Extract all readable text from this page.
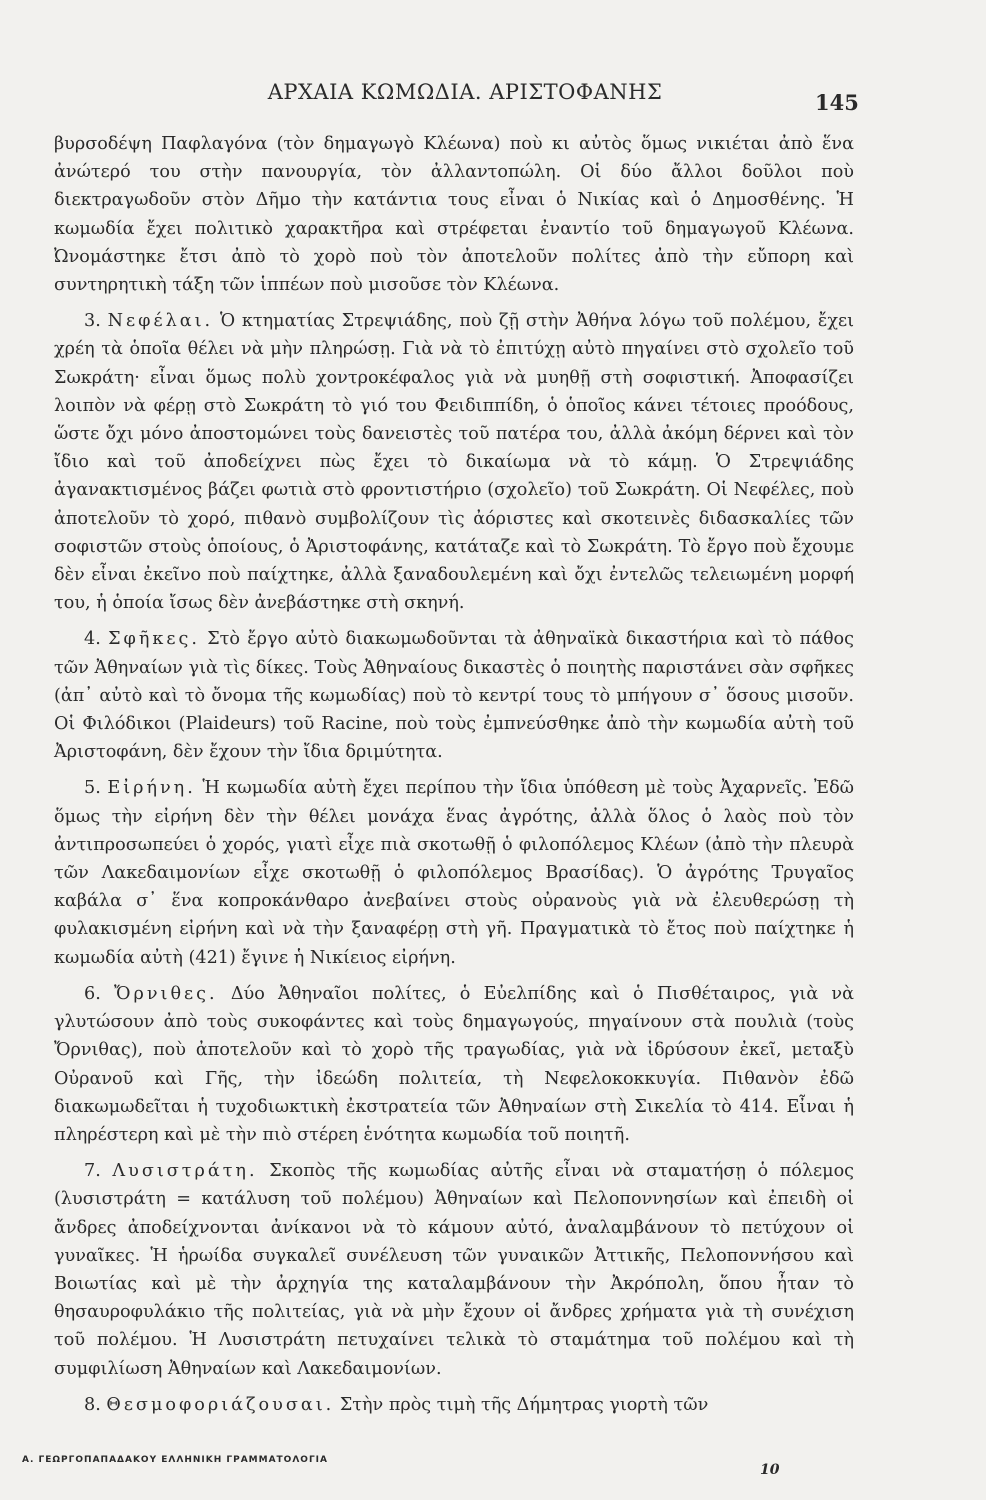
ΑΡΧΑΙΑ ΚΩΜΩΔΙΑ. ΑΡΙΣΤΟΦΑΝΗΣ	145

βυρσοδέψη Παφλαγόνα (τὸν δημαγωγὸ Κλέωνα) ποὺ κι αὐτὸς ὅμως νικιέται ἀπὸ ἕνα ἀνώτερό του στὴν πανουργία, τὸν ἀλλαντοπώλη. Οἱ δύο ἄλλοι δοῦλοι ποὺ διεκτραγωδοῦν στὸν Δῆμο τὴν κατάντια τους εἶναι ὁ Νικίας καὶ ὁ Δημοσθένης. Ἡ κωμωδία ἔχει πολιτικὸ χαρακτῆρα καὶ στρέφεται ἐναντίο τοῦ δημαγωγοῦ Κλέωνα. Ὠνομάστηκε ἔτσι ἀπὸ τὸ χορὸ ποὺ τὸν ἀποτελοῦν πολίτες ἀπὸ τὴν εὔπορη καὶ συντηρητικὴ τάξη τῶν ἱππέων ποὺ μισοῦσε τὸν Κλέωνα.

3. Νεφέλαι. Ὁ κτηματίας Στρεψιάδης, ποὺ ζῇ στὴν Ἀθήνα λόγω τοῦ πολέμου, ἔχει χρέη τὰ ὁποῖα θέλει νὰ μὴν πληρώσῃ. Γιὰ νὰ τὸ ἐπιτύχῃ αὐτὸ πηγαίνει στὸ σχολεῖο τοῦ Σωκράτη· εἶναι ὅμως πολὺ χοντροκέφαλος γιὰ νὰ μυηθῇ στὴ σοφιστική. Ἀποφασίζει λοιπὸν νὰ φέρῃ στὸ Σωκράτη τὸ γιό του Φειδιππίδη, ὁ ὁποῖος κάνει τέτοιες προόδους, ὥστε ὄχι μόνο ἀποστομώνει τοὺς δανειστὲς τοῦ πατέρα του, ἀλλὰ ἀκόμη δέρνει καὶ τὸν ἴδιο καὶ τοῦ ἀποδείχνει πὼς ἔχει τὸ δικαίωμα νὰ τὸ κάμῃ. Ὁ Στρεψιάδης ἀγανακτισμένος βάζει φωτιὰ στὸ φροντιστήριο (σχολεῖο) τοῦ Σωκράτη. Οἱ Νεφέλες, ποὺ ἀποτελοῦν τὸ χορό, πιθανὸ συμβολίζουν τὶς ἀόριστες καὶ σκοτεινὲς διδασκαλίες τῶν σοφιστῶν στοὺς ὁποίους, ὁ Ἀριστοφάνης, κατάταζε καὶ τὸ Σωκράτη. Τὸ ἔργο ποὺ ἔχουμε δὲν εἶναι ἐκεῖνο ποὺ παίχτηκε, ἀλλὰ ξαναδουλεμένη καὶ ὄχι ἐντελῶς τελειωμένη μορφή του, ἡ ὁποία ἴσως δὲν ἀνεβάστηκε στὴ σκηνή.

4. Σφῆκες. Στὸ ἔργο αὐτὸ διακωμωδοῦνται τὰ ἀθηναϊκὰ δικαστήρια καὶ τὸ πάθος τῶν Ἀθηναίων γιὰ τὶς δίκες. Τοὺς Ἀθηναίους δικαστὲς ὁ ποιητὴς παριστάνει σὰν σφῆκες (ἀπ᾿ αὐτὸ καὶ τὸ ὄνομα τῆς κωμωδίας) ποὺ τὸ κεντρί τους τὸ μπήγουν σ᾿ ὅσους μισοῦν. Οἱ Φιλόδικοι (Plaideurs) τοῦ Racine, ποὺ τοὺς ἐμπνεύσθηκε ἀπὸ τὴν κωμωδία αὐτὴ τοῦ Ἀριστοφάνη, δὲν ἔχουν τὴν ἴδια δριμύτητα.

5. Εἰρήνη. Ἡ κωμωδία αὐτὴ ἔχει περίπου τὴν ἴδια ὑπόθεση μὲ τοὺς Ἀχαρνεῖς. Ἐδῶ ὅμως τὴν εἰρήνη δὲν τὴν θέλει μονάχα ἕνας ἀγρότης, ἀλλὰ ὅλος ὁ λαὸς ποὺ τὸν ἀντιπροσωπεύει ὁ χορός, γιατὶ εἶχε πιὰ σκοτωθῇ ὁ φιλοπόλεμος Κλέων (ἀπὸ τὴν πλευρὰ τῶν Λακεδαιμονίων εἶχε σκοτωθῇ ὁ φιλοπόλεμος Βρασίδας). Ὁ ἀγρότης Τρυγαῖος καβάλα σ᾿ ἕνα κοπροκάνθαρο ἀνεβαίνει στοὺς οὐρανοὺς γιὰ νὰ ἐλευθερώσῃ τὴ φυλακισμένη εἰρήνη καὶ νὰ τὴν ξαναφέρῃ στὴ γῆ. Πραγματικὰ τὸ ἔτος ποὺ παίχτηκε ἡ κωμωδία αὐτὴ (421) ἔγινε ἡ Νικίειος εἰρήνη.

6. Ὄρνιθες. Δύο Ἀθηναῖοι πολίτες, ὁ Εὐελπίδης καὶ ὁ Πισθέταιρος, γιὰ νὰ γλυτώσουν ἀπὸ τοὺς συκοφάντες καὶ τοὺς δημαγωγούς, πηγαίνουν στὰ πουλιὰ (τοὺς Ὄρνιθας), ποὺ ἀποτελοῦν καὶ τὸ χορὸ τῆς τραγωδίας, γιὰ νὰ ἱδρύσουν ἐκεῖ, μεταξὺ Οὐρανοῦ καὶ Γῆς, τὴν ἰδεώδη πολιτεία, τὴ Νεφελοκοκκυγία. Πιθανὸν ἐδῶ διακωμωδεῖται ἡ τυχοδιωκτικὴ ἐκστρατεία τῶν Ἀθηναίων στὴ Σικελία τὸ 414. Εἶναι ἡ πληρέστερη καὶ μὲ τὴν πιὸ στέρεη ἑνότητα κωμωδία τοῦ ποιητῆ.

7. Λυσιστράτη. Σκοπὸς τῆς κωμωδίας αὐτῆς εἶναι νὰ σταματήσῃ ὁ πόλεμος (λυσιστράτη = κατάλυση τοῦ πολέμου) Ἀθηναίων καὶ Πελοποννησίων καὶ ἐπειδὴ οἱ ἄνδρες ἀποδείχνονται ἀνίκανοι νὰ τὸ κάμουν αὐτό, ἀναλαμβάνουν τὸ πετύχουν οἱ γυναῖκες. Ἡ ἡρωίδα συγκαλεῖ συνέλευση τῶν γυναικῶν Ἀττικῆς, Πελοποννήσου καὶ Βοιωτίας καὶ μὲ τὴν ἀρχηγία της καταλαμβάνουν τὴν Ἀκρόπολη, ὅπου ἦταν τὸ θησαυροφυλάκιο τῆς πολιτείας, γιὰ νὰ μὴν ἔχουν οἱ ἄνδρες χρήματα γιὰ τὴ συνέχιση τοῦ πολέμου. Ἡ Λυσιστράτη πετυχαίνει τελικὰ τὸ σταμάτημα τοῦ πολέμου καὶ τὴ συμφιλίωση Ἀθηναίων καὶ Λακεδαιμονίων.

8. Θεσμοφοριάζουσαι. Στὴν πρὸς τιμὴ τῆς Δήμητρας γιορτὴ τῶν

Α. ΓΕΩΡΓΟΠΑΠΑΔΑΚΟΥ ΕΛΛΗΝΙΚΗ ΓΡΑΜΜΑΤΟΛΟΓΙΑ
10
